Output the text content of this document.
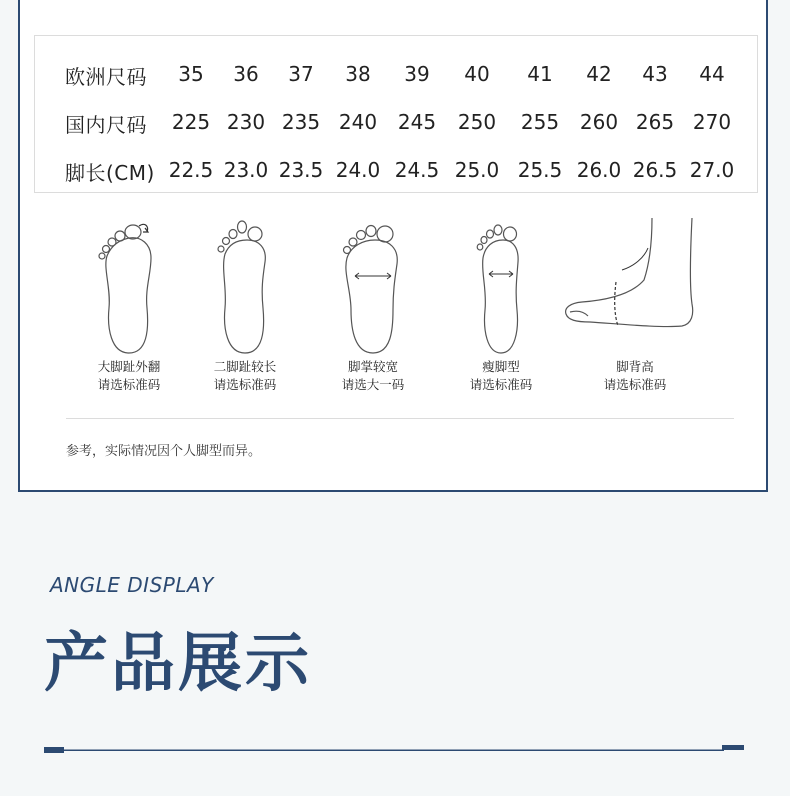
欧洲尺码 35 36 37 38 39 40 41 42 43 44
国内尺码 225 230 235 240 245 250 255 260 265 270
脚长(CM) 22.5 23.0 23.5 24.0 24.5 25.0 25.5 26.0 26.5 27.0
大脚趾外翻
请选标准码
二脚趾较长
请选标准码
脚掌较宽
请选大一码
瘦脚型
请选标准码
脚背高
请选标准码
参考，实际情况因个人脚型而异。
ANGLE DISPLAY
产品展示
